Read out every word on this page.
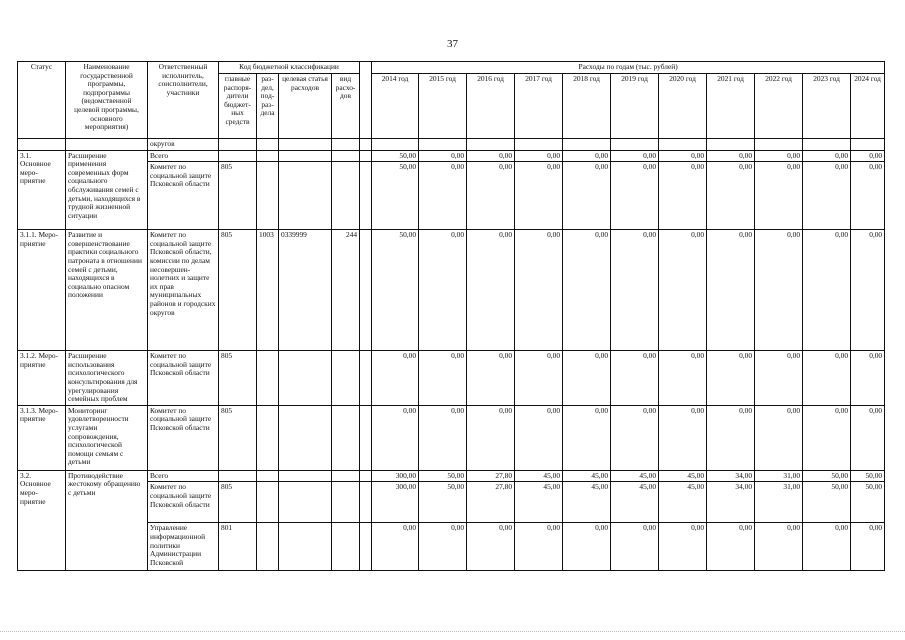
37
Статус	Наименование государственной программы, подпрограммы (ведомственной целевой программы, основного мероприятия)	Ответственный исполнитель, соисполнители, участники	Код бюджетной классификации					Расходы по годам (тыс. рублей)										
			главные распоря-дители бюджет-ных средств	раз-дел, под-раз-дела	целевая статья расходов	вид расхо-дов		2014 год	2015 год	2016 год	2017 год	2018 год	2019 год	2020 год	2021 год	2022 год	2023 год	2024 год
		округов																
3.1. Основное меро-приятие	Расширение применения современных форм социального обслуживания семей с детьми, находящихся в трудной жизненной ситуации	Всего						50,00	0,00	0,00	0,00	0,00	0,00	0,00	0,00	0,00	0,00	0,00
		Комитет по социальной защите Псковской области	805					50,00	0,00	0,00	0,00	0,00	0,00	0,00	0,00	0,00	0,00	0,00
3.1.1. Меро-приятие	Развитие и совершенствование практики социального патроната в отношении семей с детьми, находящихся в социально опасном положении	Комитет по социальной защите Псковской области, комиссии по делам несовершен-нолетних и защите их прав муниципальных районов и городских округов	805	1003	0339999	244		50,00	0,00	0,00	0,00	0,00	0,00	0,00	0,00	0,00	0,00	0,00
3.1.2. Меро-приятие	Расширение использования психологического консультирования для урегулирования семейных проблем	Комитет по социальной защите Псковской области	805					0,00	0,00	0,00	0,00	0,00	0,00	0,00	0,00	0,00	0,00	0,00
3.1.3. Меро-приятие	Мониторинг удовлетворенности услугами сопровождения, психологической помощи семьям с детьми	Комитет по социальной защите Псковской области	805					0,00	0,00	0,00	0,00	0,00	0,00	0,00	0,00	0,00	0,00	0,00
3.2. Основное меро-приятие	Противодействие жестокому обращению с детьми	Всего						300,00	50,00	27,80	45,00	45,00	45,00	45,00	34,00	31,00	50,00	50,00
		Комитет по социальной защите Псковской области	805					300,00	50,00	27,80	45,00	45,00	45,00	45,00	34,00	31,00	50,00	50,00
		Управление информационной политики Администрации Псковской	801					0,00	0,00	0,00	0,00	0,00	0,00	0,00	0,00	0,00	0,00	0,00
